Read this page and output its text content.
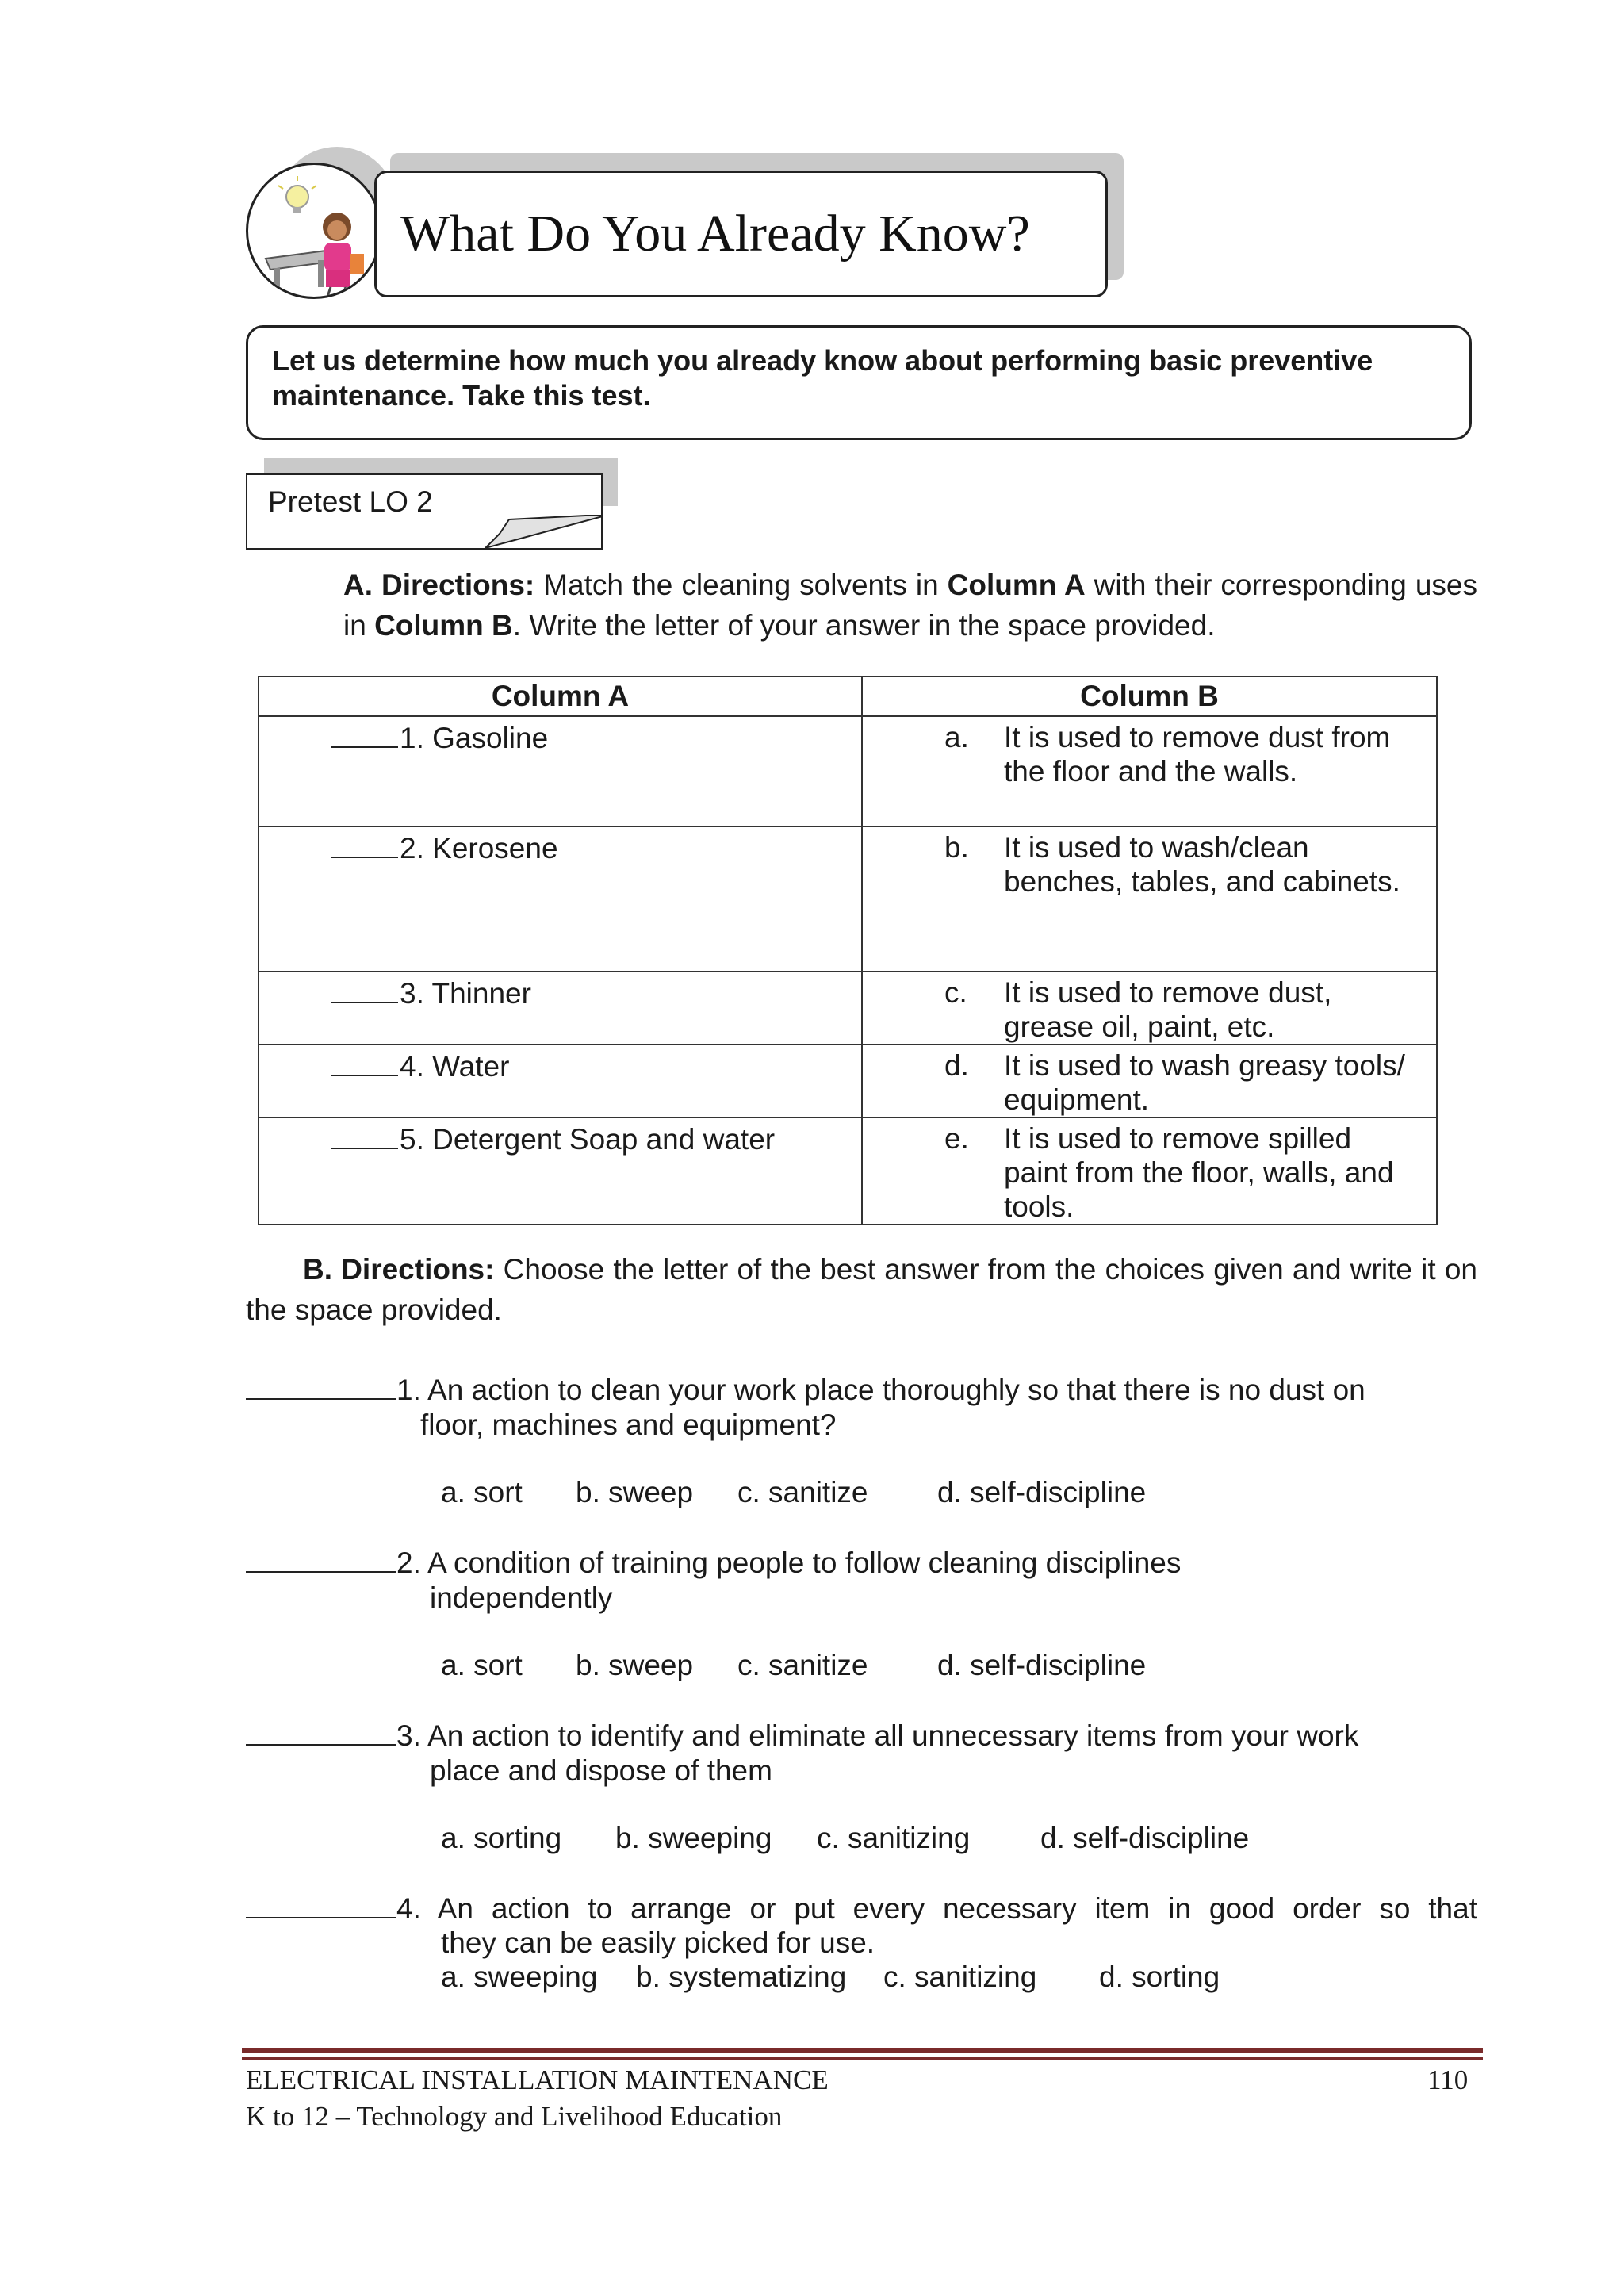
What Do You Already Know?
Let us determine how much you already know about performing basic preventive maintenance. Take this test.
Pretest LO 2
A. Directions: Match the cleaning solvents in Column A with their corresponding uses in Column B. Write the letter of your answer in the space provided.
Column A	Column B
1. Gasoline	a. It is used to remove dust from the floor and the walls.
2. Kerosene	b. It is used to wash/clean benches, tables, and cabinets.
3. Thinner	c. It is used to remove dust, grease oil, paint, etc.
4. Water	d. It is used to wash greasy tools/ equipment.
5. Detergent Soap and water	e. It is used to remove spilled paint from the floor, walls, and tools.
B. Directions: Choose the letter of the best answer from the choices given and write it on the space provided.
1. An action to clean your work place thoroughly so that there is no dust on
floor, machines and equipment?
a. sort b. sweep c. sanitize d. self-discipline
2. A condition of training people to follow cleaning disciplines
independently
a. sort b. sweep c. sanitize d. self-discipline
3. An action to identify and eliminate all unnecessary items from your work
place and dispose of them
a. sorting b. sweeping c. sanitizing d. self-discipline
4. An action to arrange or put every necessary item in good order so that
they can be easily picked for use.
a. sweeping b. systematizing c. sanitizing d. sorting
ELECTRICAL INSTALLATION MAINTENANCE
K to 12 – Technology and Livelihood Education
110
